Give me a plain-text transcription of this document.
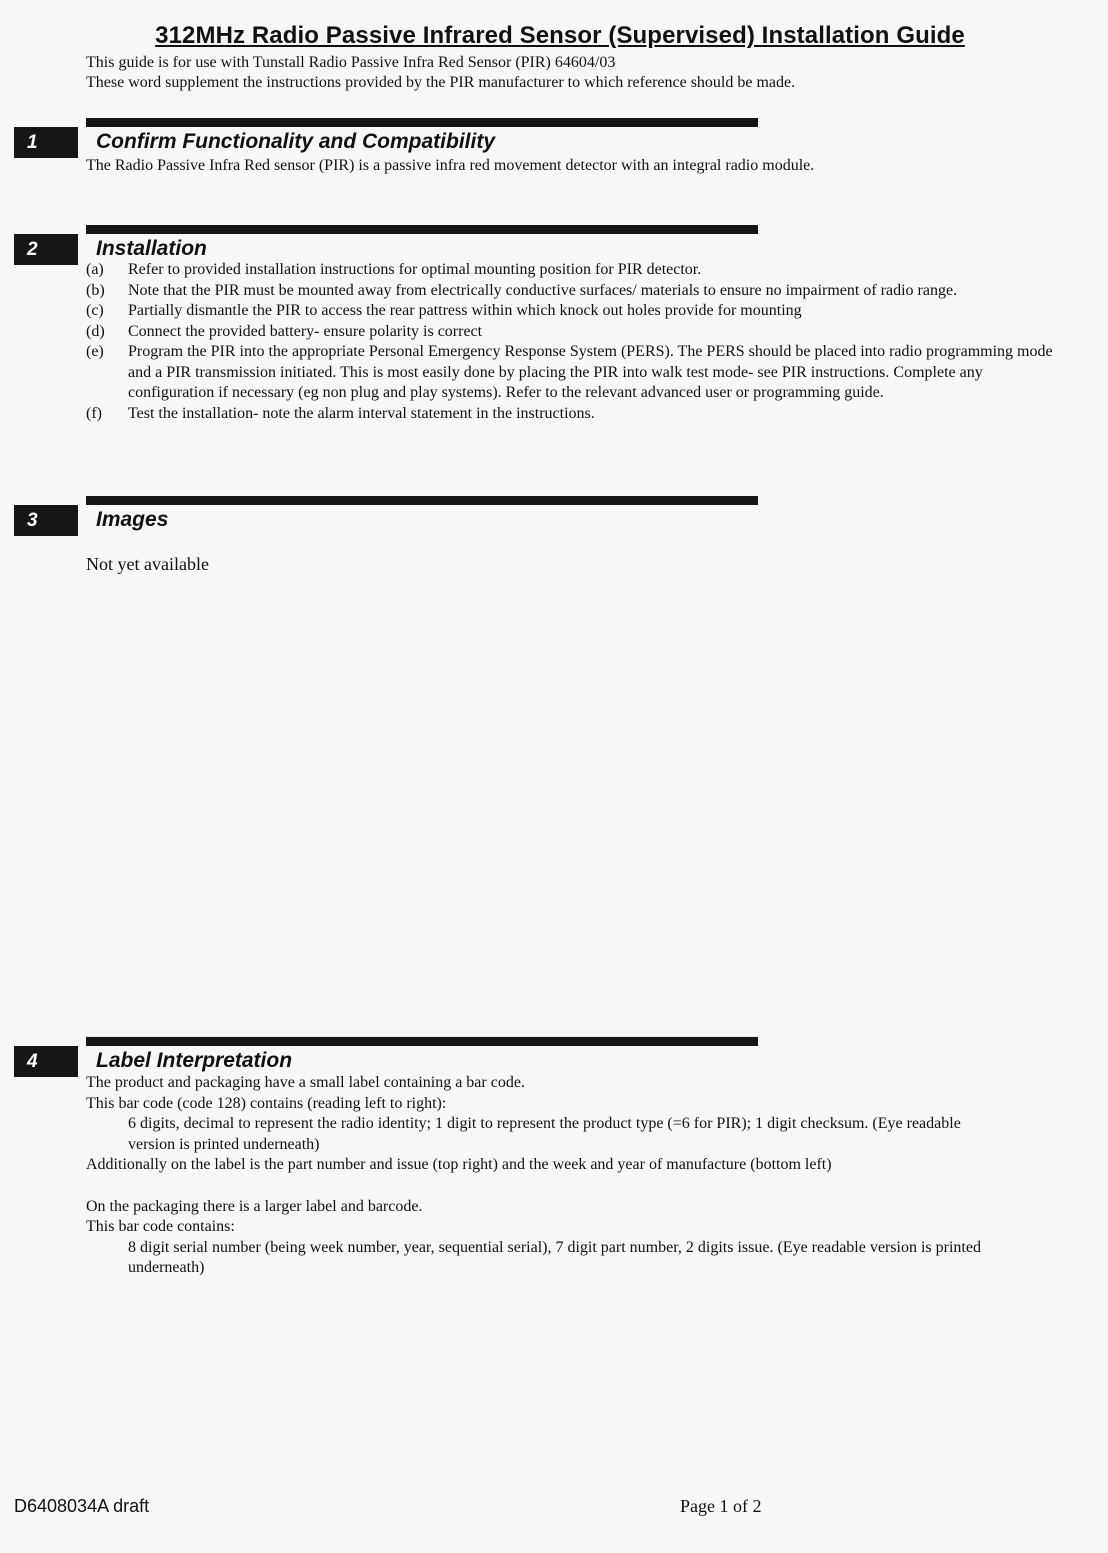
312MHz Radio Passive Infrared Sensor (Supervised) Installation Guide
This guide is for use with Tunstall Radio Passive Infra Red Sensor (PIR) 64604/03
These word supplement the instructions provided by the PIR manufacturer to which reference should be made.
1	Confirm Functionality and Compatibility
The Radio Passive Infra Red sensor (PIR) is a passive infra red movement detector with an integral radio module.
2	Installation
(a) Refer to provided installation instructions for optimal mounting position for PIR detector.
(b) Note that the PIR must be mounted away from electrically conductive surfaces/ materials to ensure no impairment of radio range.
(c) Partially dismantle the PIR to access the rear pattress within which knock out holes provide for mounting
(d) Connect the provided battery- ensure polarity is correct
(e) Program the PIR into the appropriate Personal Emergency Response System (PERS). The PERS should be placed into radio programming mode and a PIR transmission initiated. This is most easily done by placing the PIR into walk test mode- see PIR instructions. Complete any configuration if necessary (eg non plug and play systems). Refer to the relevant advanced user or programming guide.
(f) Test the installation- note the alarm interval statement in the instructions.
3	Images
Not yet available
4	Label Interpretation
The product and packaging have a small label containing a bar code.
This bar code (code 128) contains (reading left to right):
6 digits, decimal to represent the radio identity; 1 digit to represent the product type (=6 for PIR); 1 digit checksum. (Eye readable version is printed underneath)
Additionally on the label is the part number and issue (top right) and the week and year of manufacture (bottom left)
On the packaging there is a larger label and barcode.
This bar code contains:
8 digit serial number (being week number, year, sequential serial), 7 digit part number, 2 digits issue. (Eye readable version is printed underneath)
D6408034A draft	Page 1 of 2
